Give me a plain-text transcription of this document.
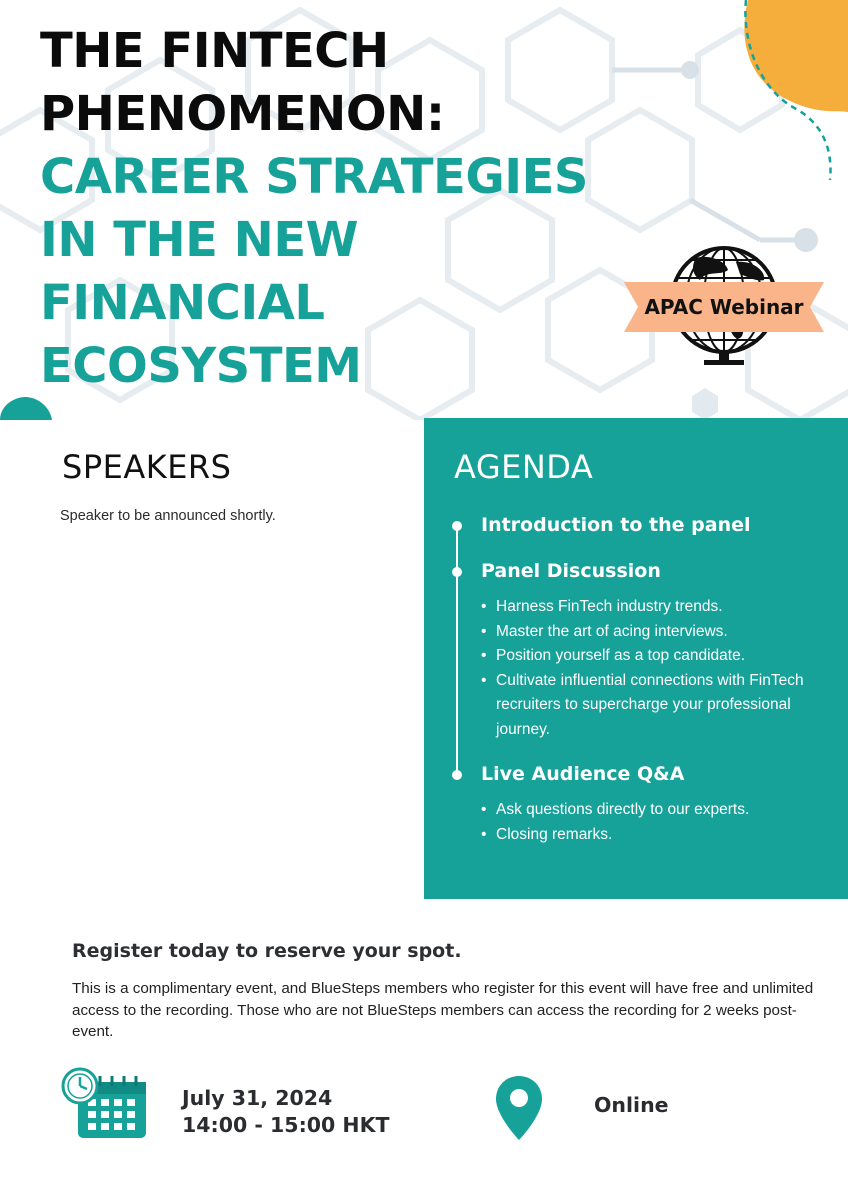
THE FINTECH
PHENOMENON:
CAREER STRATEGIES
IN THE NEW
FINANCIAL
ECOSYSTEM
APAC Webinar
SPEAKERS

Speaker to be announced shortly.

AGENDA
Introduction to the panel
Panel Discussion
• Harness FinTech industry trends.
• Master the art of acing interviews.
• Position yourself as a top candidate.
• Cultivate influential connections with FinTech recruiters to supercharge your professional journey.
Live Audience Q&A
• Ask questions directly to our experts.
• Closing remarks.
Register today to reserve your spot.

This is a complimentary event, and BlueSteps members who register for this event will have free and unlimited access to the recording. Those who are not BlueSteps members can access the recording for 2 weeks post-event.

July 31, 2024
14:00 - 15:00 HKT
Online
